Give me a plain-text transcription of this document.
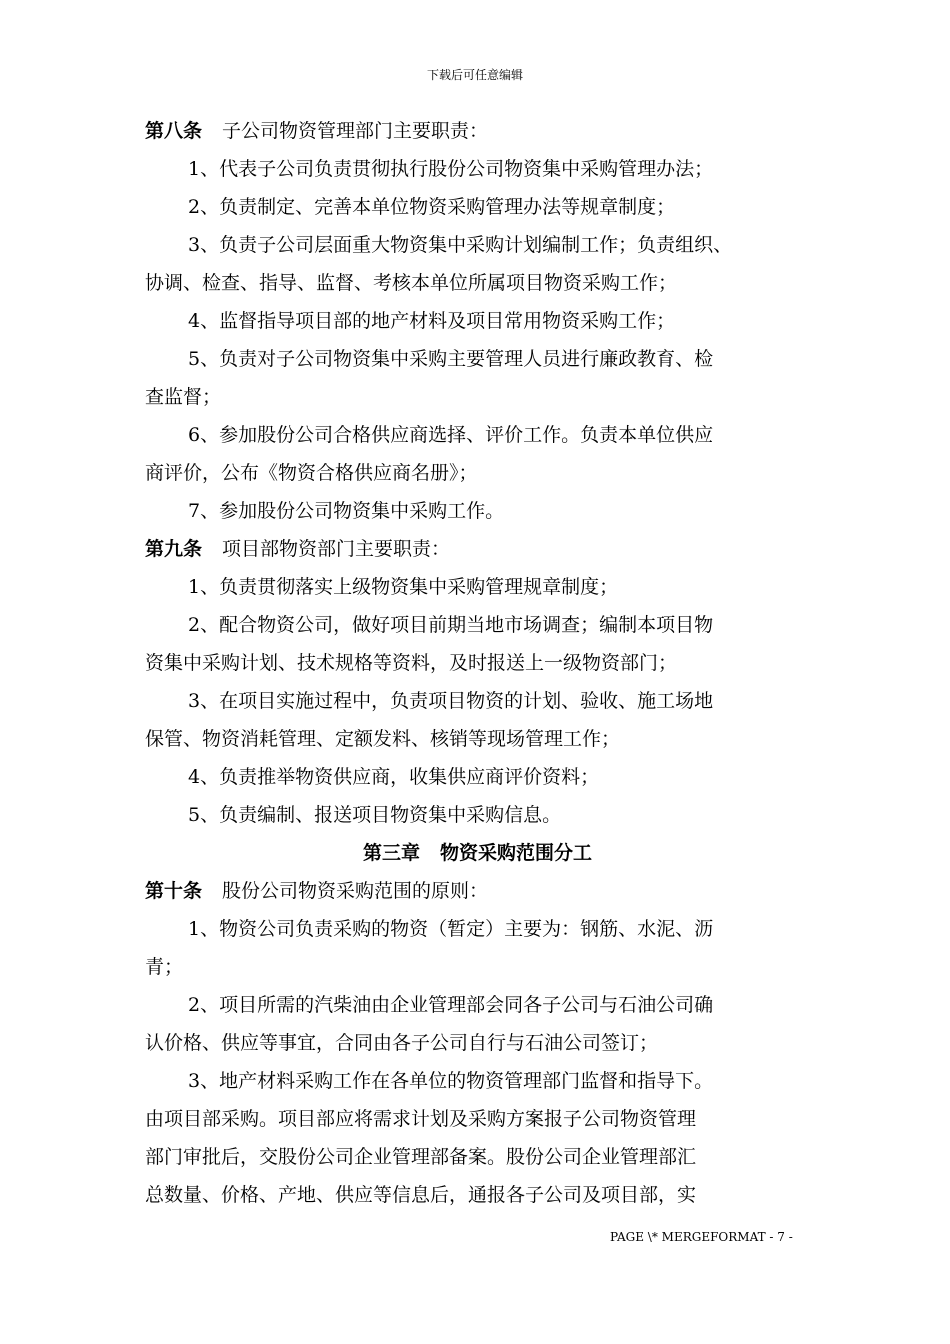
下载后可任意编辑
第八条 子公司物资管理部门主要职责：
1、代表子公司负责贯彻执行股份公司物资集中采购管理办法；
2、负责制定、完善本单位物资采购管理办法等规章制度；
3、负责子公司层面重大物资集中采购计划编制工作；负责组织、
协调、检查、指导、监督、考核本单位所属项目物资采购工作；
4、监督指导项目部的地产材料及项目常用物资采购工作；
5、负责对子公司物资集中采购主要管理人员进行廉政教育、检
查监督；
6、参加股份公司合格供应商选择、评价工作。负责本单位供应
商评价，公布《物资合格供应商名册》；
7、参加股份公司物资集中采购工作。
第九条 项目部物资部门主要职责：
1、负责贯彻落实上级物资集中采购管理规章制度；
2、配合物资公司，做好项目前期当地市场调查；编制本项目物
资集中采购计划、技术规格等资料，及时报送上一级物资部门；
3、在项目实施过程中，负责项目物资的计划、验收、施工场地
保管、物资消耗管理、定额发料、核销等现场管理工作；
4、负责推举物资供应商，收集供应商评价资料；
5、负责编制、报送项目物资集中采购信息。
第三章 物资采购范围分工
第十条 股份公司物资采购范围的原则：
1、物资公司负责采购的物资（暂定）主要为：钢筋、水泥、沥
青；
2、项目所需的汽柴油由企业管理部会同各子公司与石油公司确
认价格、供应等事宜，合同由各子公司自行与石油公司签订；
3、地产材料采购工作在各单位的物资管理部门监督和指导下。
由项目部采购。项目部应将需求计划及采购方案报子公司物资管理
部门审批后，交股份公司企业管理部备案。股份公司企业管理部汇
总数量、价格、产地、供应等信息后，通报各子公司及项目部，实
PAGE \* MERGEFORMAT - 7 -
